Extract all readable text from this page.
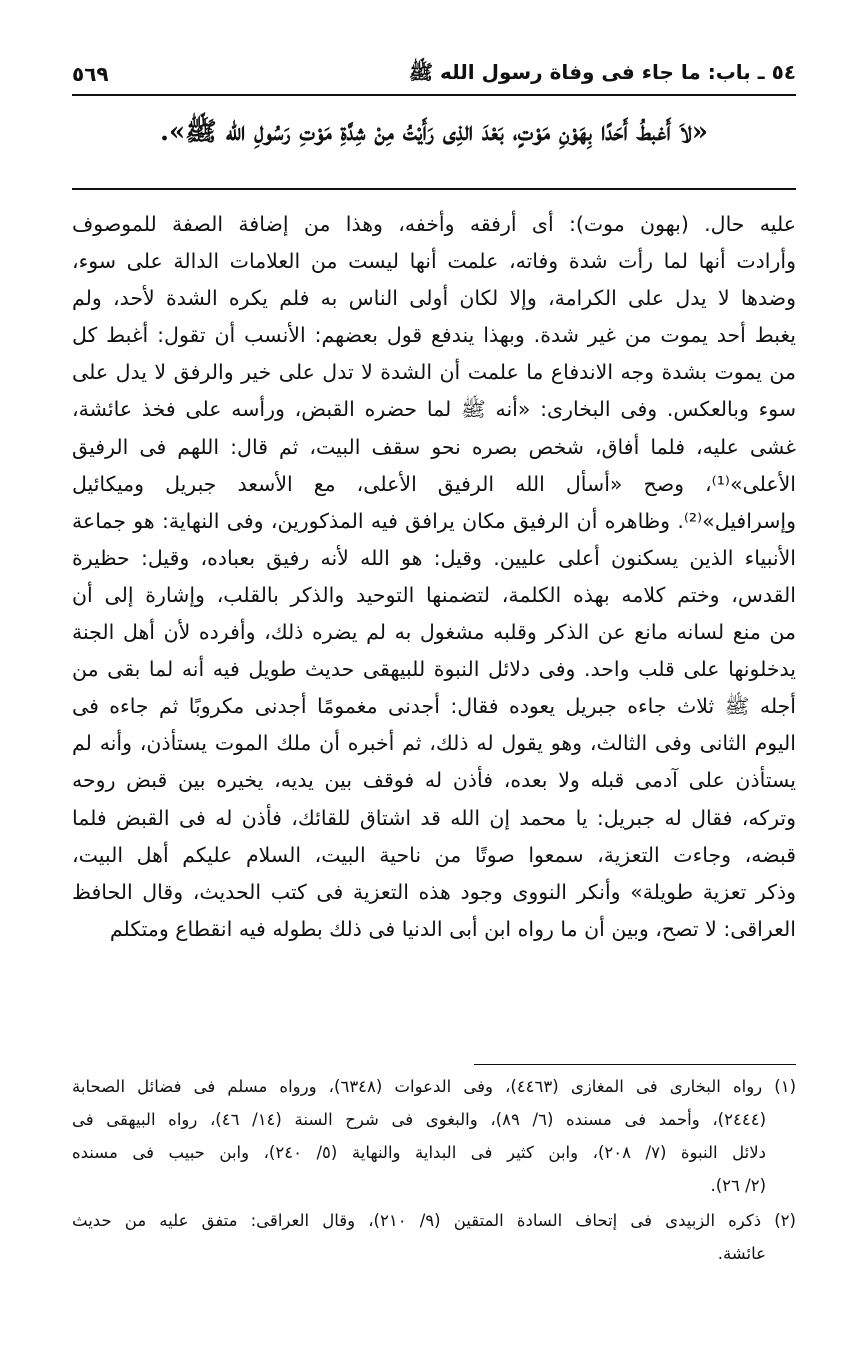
٥٤ ـ باب: ما جاء فى وفاة رسول الله ﷺ
٥٦٩
«لاَ أَغبطُ أَحَدًا بِهَوْنِ مَوْتٍ، بَعْدَ الذِى رَأَيْتُ مِنْ شِدَّةِ مَوْتِ رَسُولِ الله ﷺ».
عليه حال. (بهون موت): أى أرفقه وأخفه، وهذا من إضافة الصفة للموصوف
وأرادت أنها لما رأت شدة وفاته، علمت أنها ليست من العلامات الدالة على سوء،
وضدها لا يدل على الكرامة، وإلا لكان أولى الناس به فلم يكره الشدة لأحد، ولم
يغبط أحد يموت من غير شدة. وبهذا يندفع قول بعضهم: الأنسب أن تقول: أغبط كل
من يموت بشدة وجه الاندفاع ما علمت أن الشدة لا تدل على خير والرفق لا يدل على
سوء وبالعكس. وفى البخارى: «أنه ﷺ لما حضره القبض، ورأسه على فخذ عائشة،
غشى عليه، فلما أفاق، شخص بصره نحو سقف البيت، ثم قال: اللهم فى الرفيق
الأعلى»⁽¹⁾، وصح «أسأل الله الرفيق الأعلى، مع الأسعد جبريل وميكائيل
وإسرافيل»⁽²⁾. وظاهره أن الرفيق مكان يرافق فيه المذكورين، وفى النهاية: هو جماعة
الأنبياء الذين يسكنون أعلى عليين. وقيل: هو الله لأنه رفيق بعباده، وقيل: حظيرة
القدس، وختم كلامه بهذه الكلمة، لتضمنها التوحيد والذكر بالقلب، وإشارة إلى أن
من منع لسانه مانع عن الذكر وقلبه مشغول به لم يضره ذلك، وأفرده لأن أهل الجنة
يدخلونها على قلب واحد. وفى دلائل النبوة للبيهقى حديث طويل فيه أنه لما بقى من
أجله ﷺ ثلاث جاءه جبريل يعوده فقال: أجدنى مغمومًا أجدنى مكروبًا ثم جاءه فى
اليوم الثانى وفى الثالث، وهو يقول له ذلك، ثم أخبره أن ملك الموت يستأذن، وأنه لم
يستأذن على آدمى قبله ولا بعده، فأذن له فوقف بين يديه، يخيره بين قبض روحه
وتركه، فقال له جبريل: يا محمد إن الله قد اشتاق للقائك، فأذن له فى القبض فلما
قبضه، وجاءت التعزية، سمعوا صوتًا من ناحية البيت، السلام عليكم أهل البيت،
وذكر تعزية طويلة» وأنكر النووى وجود هذه التعزية فى كتب الحديث، وقال الحافظ
العراقى: لا تصح، وبين أن ما رواه ابن أبى الدنيا فى ذلك بطوله فيه انقطاع ومتكلم
(١) رواه البخارى فى المغازى (٤٤٦٣)، وفى الدعوات (٦٣٤٨)، ورواه مسلم فى فضائل الصحابة
(٢٤٤٤)، وأحمد فى مسنده (٦/ ٨٩)، والبغوى فى شرح السنة (١٤/ ٤٦)، رواه البيهقى فى
دلائل النبوة (٧/ ٢٠٨)، وابن كثير فى البداية والنهاية (٥/ ٢٤٠)، وابن حبيب فى مسنده
(٢/ ٢٦).
(٢) ذكره الزبيدى فى إتحاف السادة المتقين (٩/ ٢١٠)، وقال العراقى: متفق عليه من حديث
عائشة.
